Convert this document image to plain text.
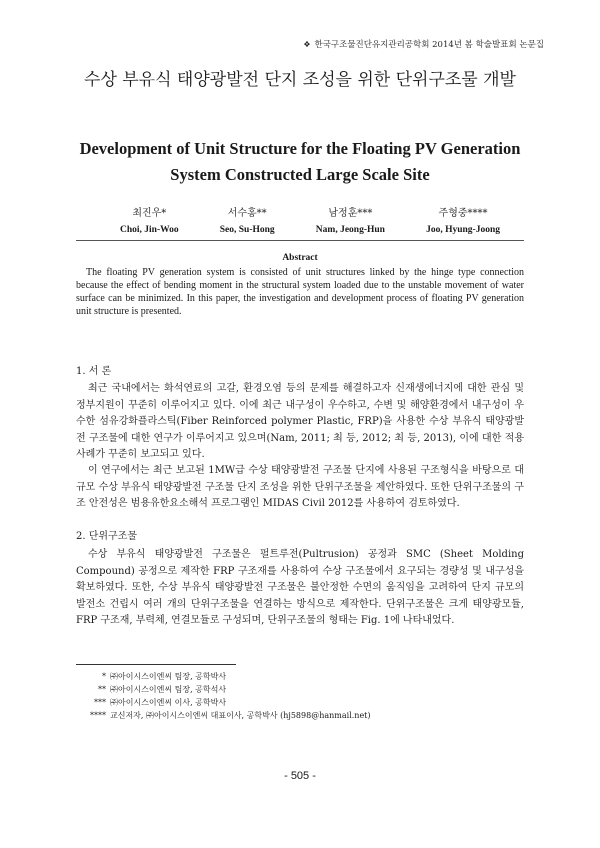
❖ 한국구조물진단유지관리공학회 2014년 봄 학술발표회 논문집
수상 부유식 태양광발전 단지 조성을 위한 단위구조물 개발
Development of Unit Structure for the Floating PV Generation System Constructed Large Scale Site
최진우*
Choi, Jin-Woo
서수홍**
Seo, Su-Hong
남정훈***
Nam, Jeong-Hun
주형중****
Joo, Hyung-Joong
Abstract
The floating PV generation system is consisted of unit structures linked by the hinge type connection because the effect of bending moment in the structural system loaded due to the unstable movement of water surface can be minimized. In this paper, the investigation and development process of floating PV generation unit structure is presented.
1. 서 론
최근 국내에서는 화석연료의 고갈, 환경오염 등의 문제를 해결하고자 신재생에너지에 대한 관심 및 정부지원이 꾸준히 이루어지고 있다. 이에 최근 내구성이 우수하고, 수변 및 해양환경에서 내구성이 우수한 섬유강화플라스틱(Fiber Reinforced polymer Plastic, FRP)을 사용한 수상 부유식 태양광발전 구조물에 대한 연구가 이루어지고 있으며(Nam, 2011; 최 등, 2012; 최 등, 2013), 이에 대한 적용사례가 꾸준히 보고되고 있다.
이 연구에서는 최근 보고된 1MW급 수상 태양광발전 구조물 단지에 사용된 구조형식을 바탕으로 대규모 수상 부유식 태양광발전 구조물 단지 조성을 위한 단위구조물을 제안하였다. 또한 단위구조물의 구조 안전성은 범용유한요소해석 프로그램인 MIDAS Civil 2012를 사용하여 검토하였다.
2. 단위구조물
수상 부유식 태양광발전 구조물은 펄트루전(Pultrusion) 공정과 SMC (Sheet Molding Compound) 공정으로 제작한 FRP 구조재를 사용하여 수상 구조물에서 요구되는 경량성 및 내구성을 확보하였다. 또한, 수상 부유식 태양광발전 구조물은 불안정한 수면의 움직임을 고려하여 단지 규모의 발전소 건립시 여러 개의 단위구조물을 연결하는 방식으로 제작한다. 단위구조물은 크게 태양광모듈, FRP 구조재, 부력체, 연결모듈로 구성되며, 단위구조물의 형태는 Fig. 1에 나타내었다.
* ㈜아이시스이엔씨 팀장, 공학박사
** ㈜아이시스이엔씨 팀장, 공학석사
*** ㈜아이시스이엔씨 이사, 공학박사
**** 교신저자, ㈜아이시스이엔씨 대표이사, 공학박사 (hj5898@hanmail.net)
- 505 -
